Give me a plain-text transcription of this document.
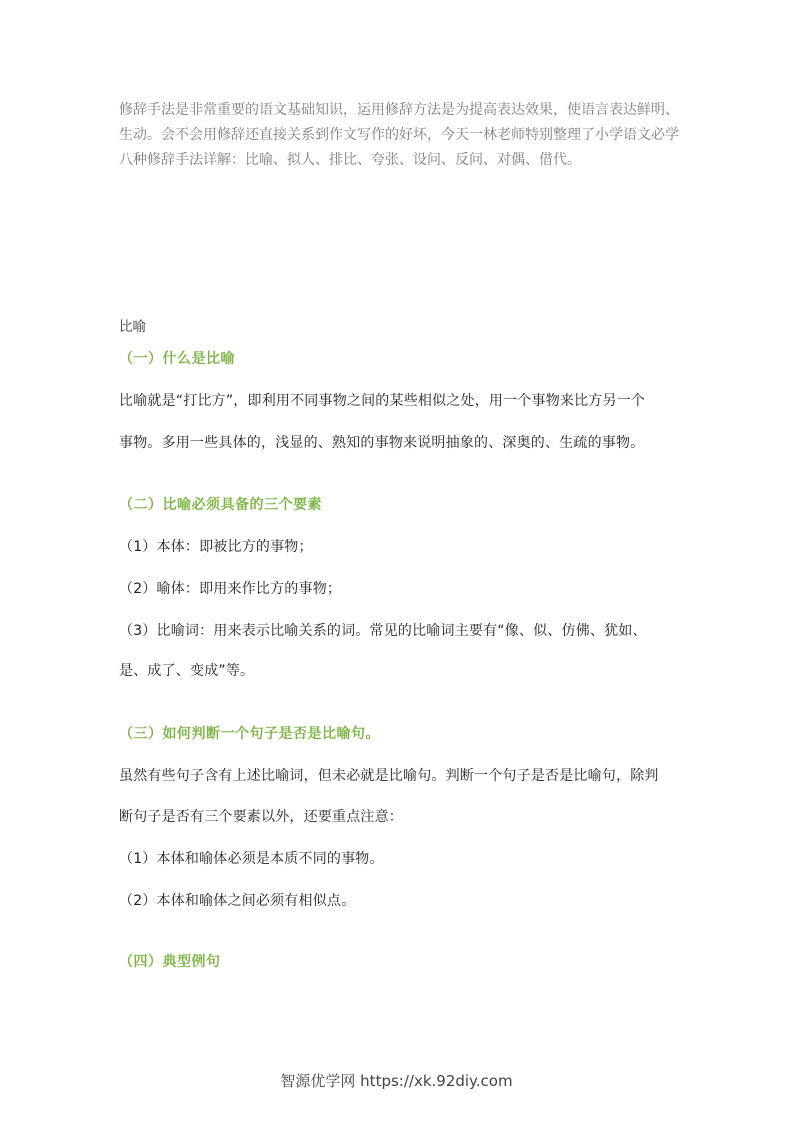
修辞手法是非常重要的语文基础知识，运用修辞方法是为提高表达效果，使语言表达鲜明、生动。会不会用修辞还直接关系到作文写作的好坏，今天一林老师特别整理了小学语文必学八种修辞手法详解：比喻、拟人、排比、夸张、设问、反问、对偶、借代。

比喻

（一）什么是比喻

比喻就是“打比方”，即利用不同事物之间的某些相似之处，用一个事物来比方另一个

事物。多用一些具体的，浅显的、熟知的事物来说明抽象的、深奥的、生疏的事物。

（二）比喻必须具备的三个要素

（1）本体：即被比方的事物；

（2）喻体：即用来作比方的事物；

（3）比喻词：用来表示比喻关系的词。常见的比喻词主要有“像、似、仿佛、犹如、

是、成了、变成”等。

（三）如何判断一个句子是否是比喻句。

虽然有些句子含有上述比喻词，但未必就是比喻句。判断一个句子是否是比喻句，除判

断句子是否有三个要素以外，还要重点注意：

（1）本体和喻体必须是本质不同的事物。

（2）本体和喻体之间必须有相似点。

（四）典型例句

智源优学网 https://xk.92diy.com
